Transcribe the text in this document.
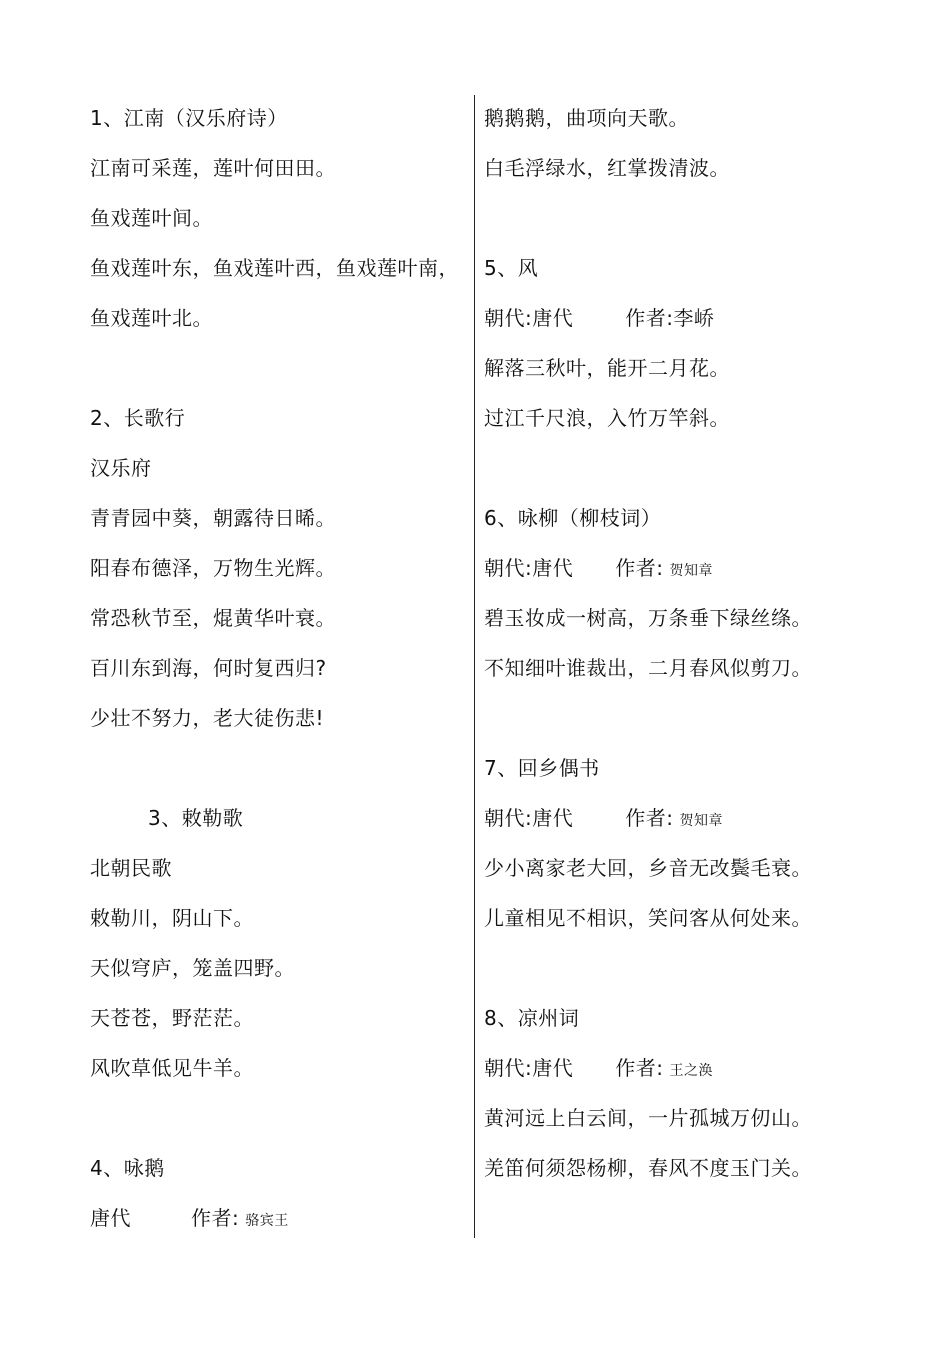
1、江南（汉乐府诗）
江南可采莲，莲叶何田田。
鱼戏莲叶间。
鱼戏莲叶东，鱼戏莲叶西，鱼戏莲叶南，
鱼戏莲叶北。
2、长歌行
汉乐府
青青园中葵，朝露待日晞。
阳春布德泽，万物生光辉。
常恐秋节至，焜黄华叶衰。
百川东到海，何时复西归?
少壮不努力，老大徒伤悲!
3、敕勒歌
北朝民歌
敕勒川，阴山下。
天似穹庐，笼盖四野。
天苍苍，野茫茫。
风吹草低见牛羊。
4、咏鹅
唐代	作者: 骆宾王
鹅鹅鹅，曲项向天歌。
白毛浮绿水，红掌拨清波。
5、风
朝代:唐代	作者:李峤
解落三秋叶，能开二月花。
过江千尺浪，入竹万竿斜。
6、咏柳（柳枝词）
朝代:唐代 作者: 贺知章
碧玉妆成一树高，万条垂下绿丝绦。
不知细叶谁裁出，二月春风似剪刀。
7、回乡偶书
朝代:唐代	作者: 贺知章
少小离家老大回，乡音无改鬓毛衰。
儿童相见不相识，笑问客从何处来。
8、凉州词
朝代:唐代 作者: 王之涣
黄河远上白云间，一片孤城万仞山。
羌笛何须怨杨柳，春风不度玉门关。
